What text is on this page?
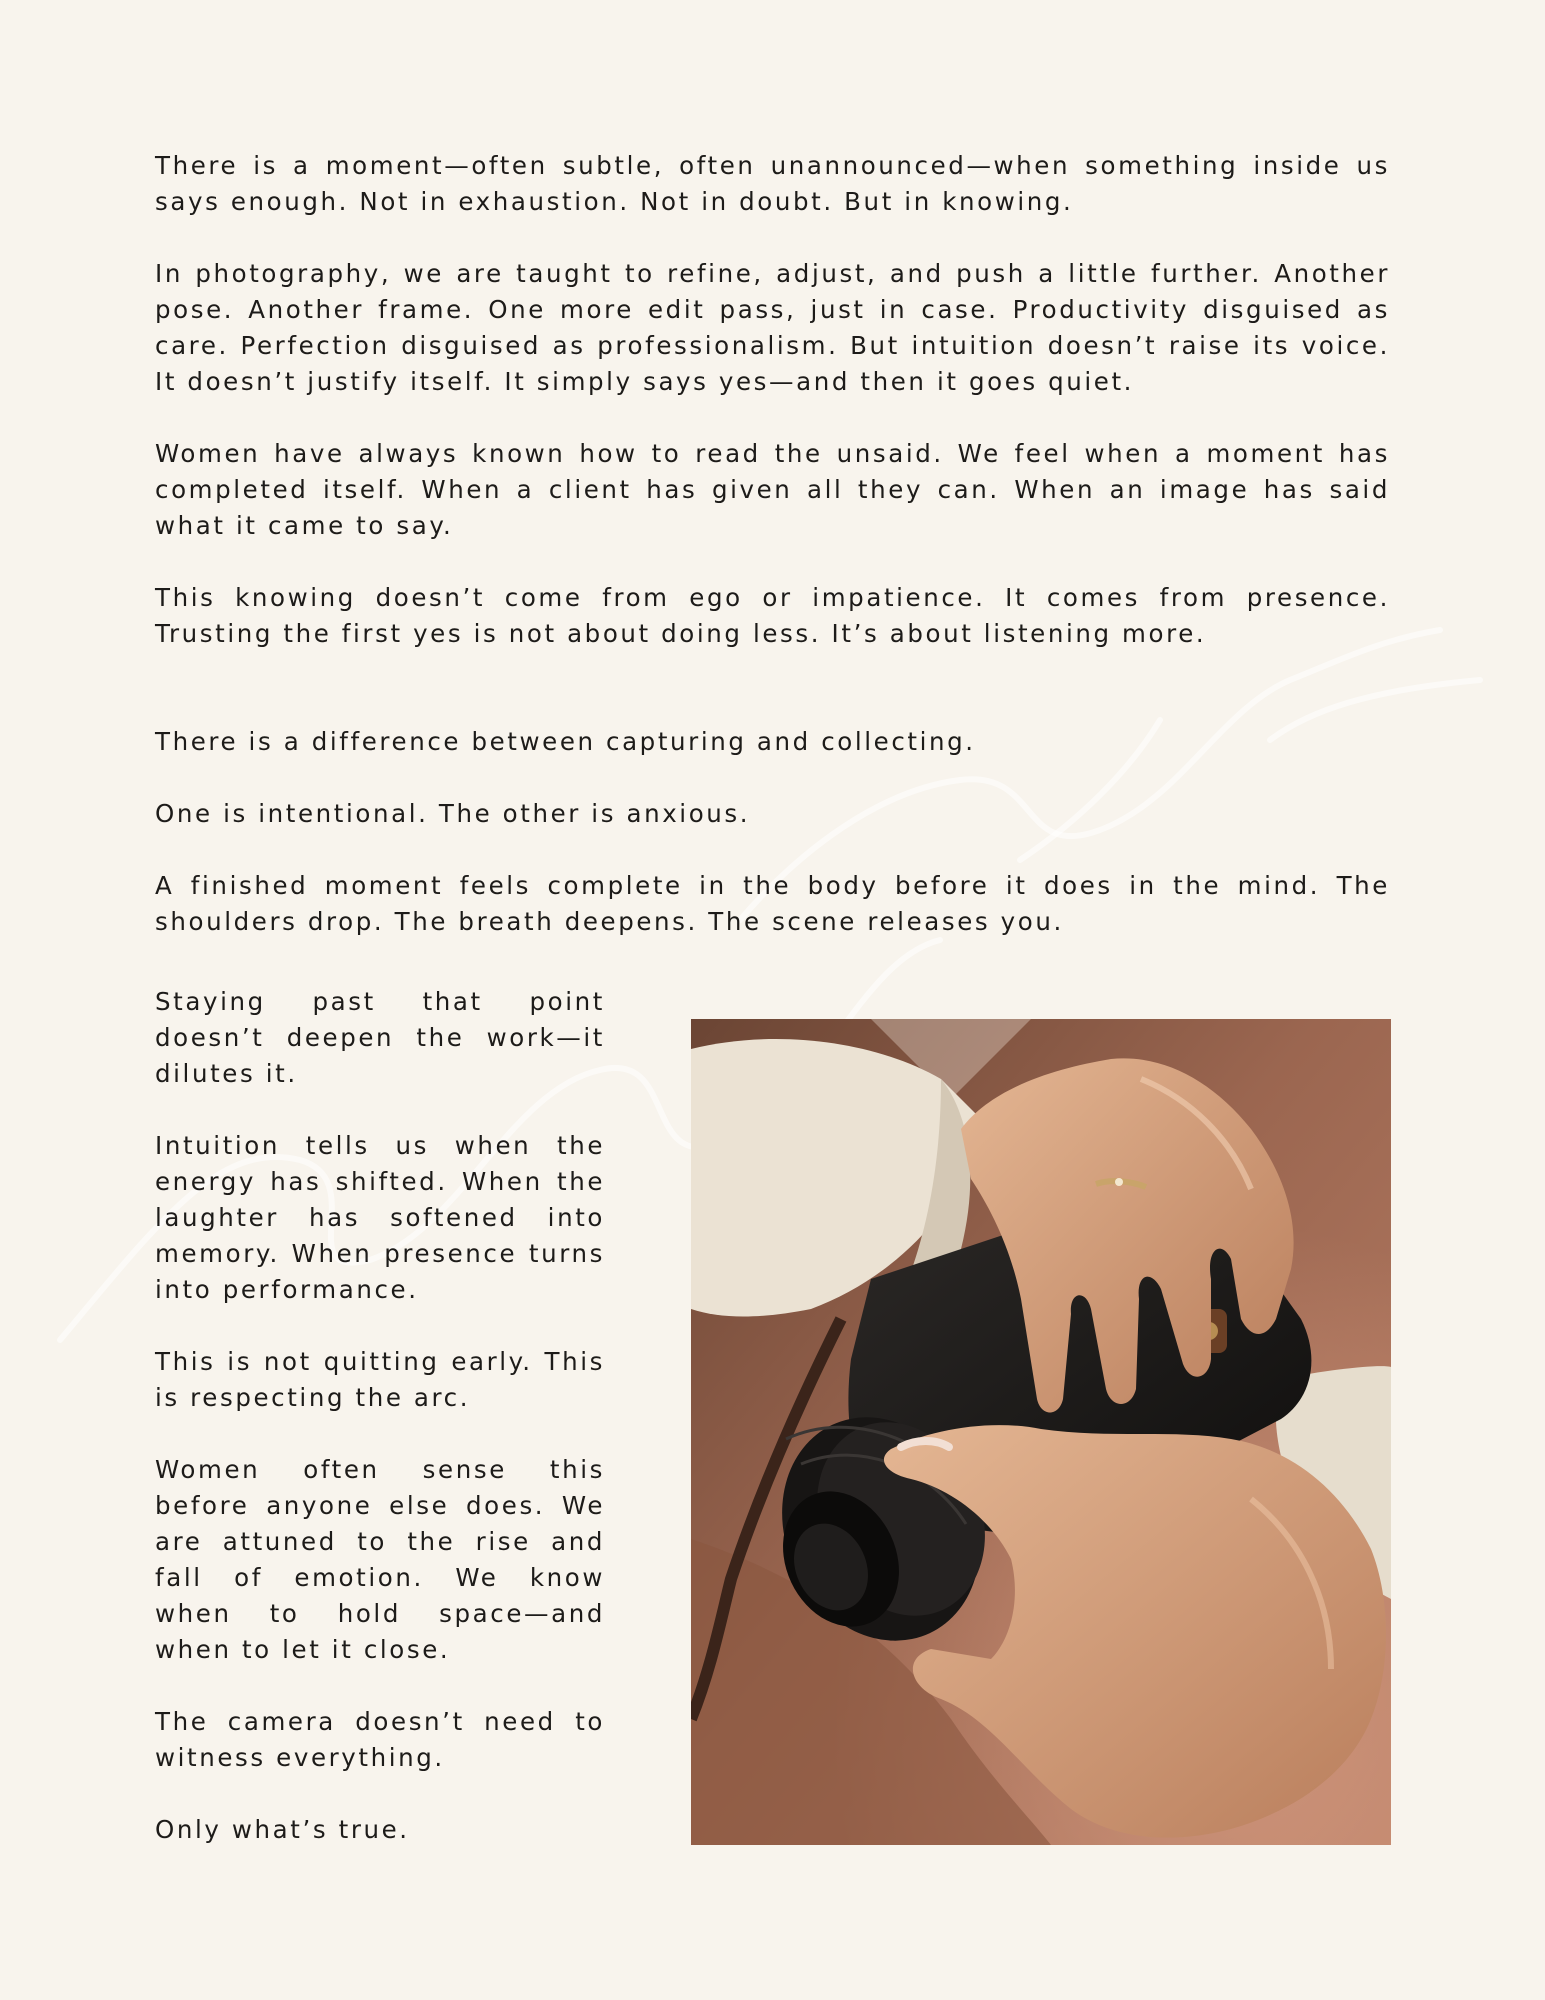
There is a moment—often subtle, often unannounced—when something inside us says enough. Not in exhaustion. Not in doubt. But in knowing.

In photography, we are taught to refine, adjust, and push a little further. Another pose. Another frame. One more edit pass, just in case. Productivity disguised as care. Perfection disguised as professionalism. But intuition doesn’t raise its voice. It doesn’t justify itself. It simply says yes—and then it goes quiet.

Women have always known how to read the unsaid. We feel when a moment has completed itself. When a client has given all they can. When an image has said what it came to say.

This knowing doesn’t come from ego or impatience. It comes from presence. Trusting the first yes is not about doing less. It’s about listening more.

There is a difference between capturing and collecting.

One is intentional. The other is anxious.

A finished moment feels complete in the body before it does in the mind. The shoulders drop. The breath deepens. The scene releases you.

Staying past that point doesn’t deepen the work—it dilutes it.

Intuition tells us when the energy has shifted. When the laughter has softened into memory. When presence turns into performance.

This is not quitting early. This is respecting the arc.

Women often sense this before anyone else does. We are attuned to the rise and fall of emotion. We know when to hold space—and when to let it close.

The camera doesn’t need to witness everything.

Only what’s true.
